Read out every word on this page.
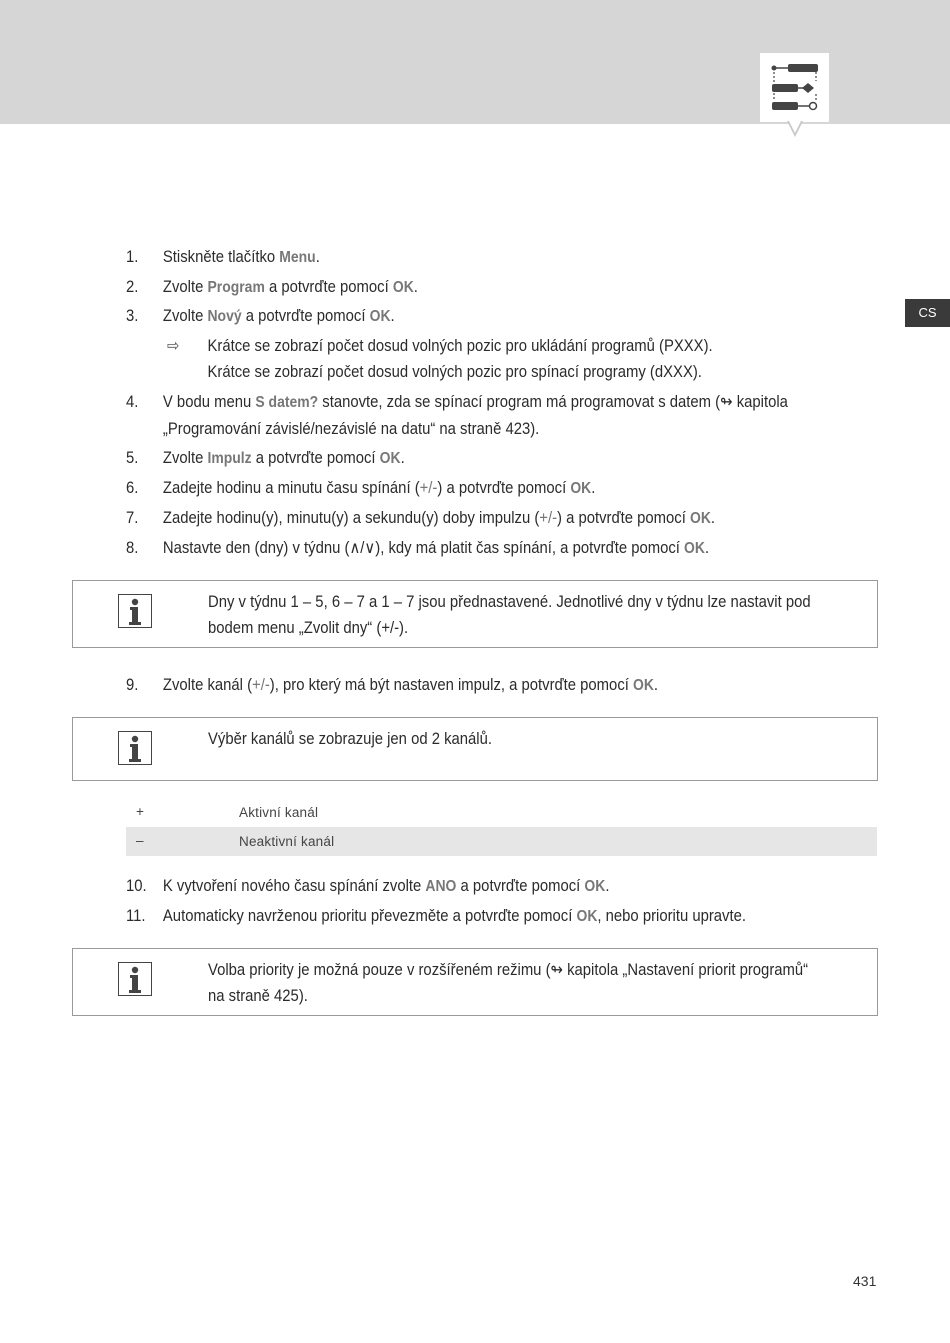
CS
1. Stiskněte tlačítko Menu.
2. Zvolte Program a potvrďte pomocí OK.
3. Zvolte Nový a potvrďte pomocí OK.
⇨ Krátce se zobrazí počet dosud volných pozic pro ukládání programů (PXXX).
Krátce se zobrazí počet dosud volných pozic pro spínací programy (dXXX).
4. V bodu menu S datem? stanovte, zda se spínací program má programovat s datem (↬ kapitola
„Programování závislé/nezávislé na datu“ na straně 423).
5. Zvolte Impulz a potvrďte pomocí OK.
6. Zadejte hodinu a minutu času spínání (+/-) a potvrďte pomocí OK.
7. Zadejte hodinu(y), minutu(y) a sekundu(y) doby impulzu (+/-) a potvrďte pomocí OK.
8. Nastavte den (dny) v týdnu (∧/∨), kdy má platit čas spínání, a potvrďte pomocí OK.
Dny v týdnu 1 – 5, 6 – 7 a 1 – 7 jsou přednastavené. Jednotlivé dny v týdnu lze nastavit pod
bodem menu „Zvolit dny“ (+/-).
9. Zvolte kanál (+/-), pro který má být nastaven impulz, a potvrďte pomocí OK.
Výběr kanálů se zobrazuje jen od 2 kanálů.
+	Aktivní kanál
–	Neaktivní kanál
10. K vytvoření nového času spínání zvolte ANO a potvrďte pomocí OK.
11. Automaticky navrženou prioritu převezměte a potvrďte pomocí OK, nebo prioritu upravte.
Volba priority je možná pouze v rozšířeném režimu (↬ kapitola „Nastavení priorit programů“
na straně 425).
431
